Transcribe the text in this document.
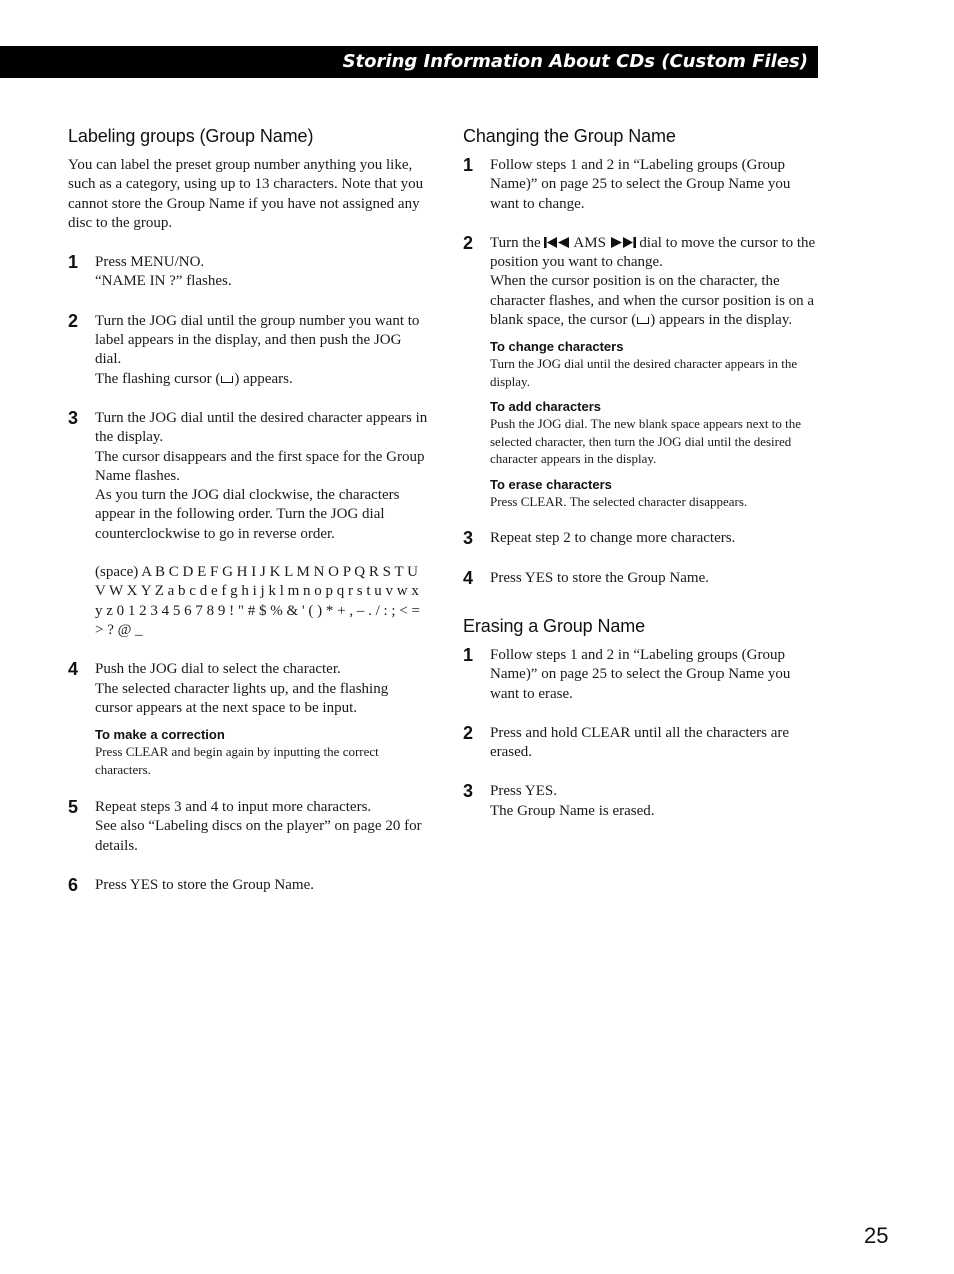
Storing Information About CDs (Custom Files)
Labeling groups (Group Name)

You can label the preset group number anything you like, such as a category, using up to 13 characters. Note that you cannot store the Group Name if you have not assigned any disc to the group.

1 Press MENU/NO.

“NAME IN ?” flashes.

2 Turn the JOG dial until the group number you want to label appears in the display, and then push the JOG dial.

The flashing cursor ( ) appears.

3 Turn the JOG dial until the desired character appears in the display.

The cursor disappears and the first space for the Group Name flashes.

As you turn the JOG dial clockwise, the characters appear in the following order. Turn the JOG dial counterclockwise to go in reverse order.

(space) A B C D E F G H I J K L M N O P Q R S T U V W X Y Z a b c d e f g h i j k l m n o p q r s t u v w x y z 0 1 2 3 4 5 6 7 8 9 ! " # $ % & ' ( ) * + , – . / : ; < = > ? @ _

4 Push the JOG dial to select the character.

The selected character lights up, and the flashing cursor appears at the next space to be input.

To make a correction

Press CLEAR and begin again by inputting the correct characters.

5 Repeat steps 3 and 4 to input more characters.

See also “Labeling discs on the player” on page 20 for details.

6 Press YES to store the Group Name.

Changing the Group Name
1 Follow steps 1 and 2 in “Labeling groups (Group Name)” on page 25 to select the Group Name you want to change.

2 Turn the AMS dial to move the cursor to the position you want to change.

When the cursor position is on the character, the character flashes, and when the cursor position is on a blank space, the cursor ( ) appears in the display.

To change characters

Turn the JOG dial until the desired character appears in the display.

To add characters

Push the JOG dial. The new blank space appears next to the selected character, then turn the JOG dial until the desired character appears in the display.

To erase characters

Press CLEAR. The selected character disappears.

3 Repeat step 2 to change more characters.

4 Press YES to store the Group Name.

Erasing a Group Name
1 Follow steps 1 and 2 in “Labeling groups (Group Name)” on page 25 to select the Group Name you want to erase.

2 Press and hold CLEAR until all the characters are erased.

3 Press YES.

The Group Name is erased.

25
